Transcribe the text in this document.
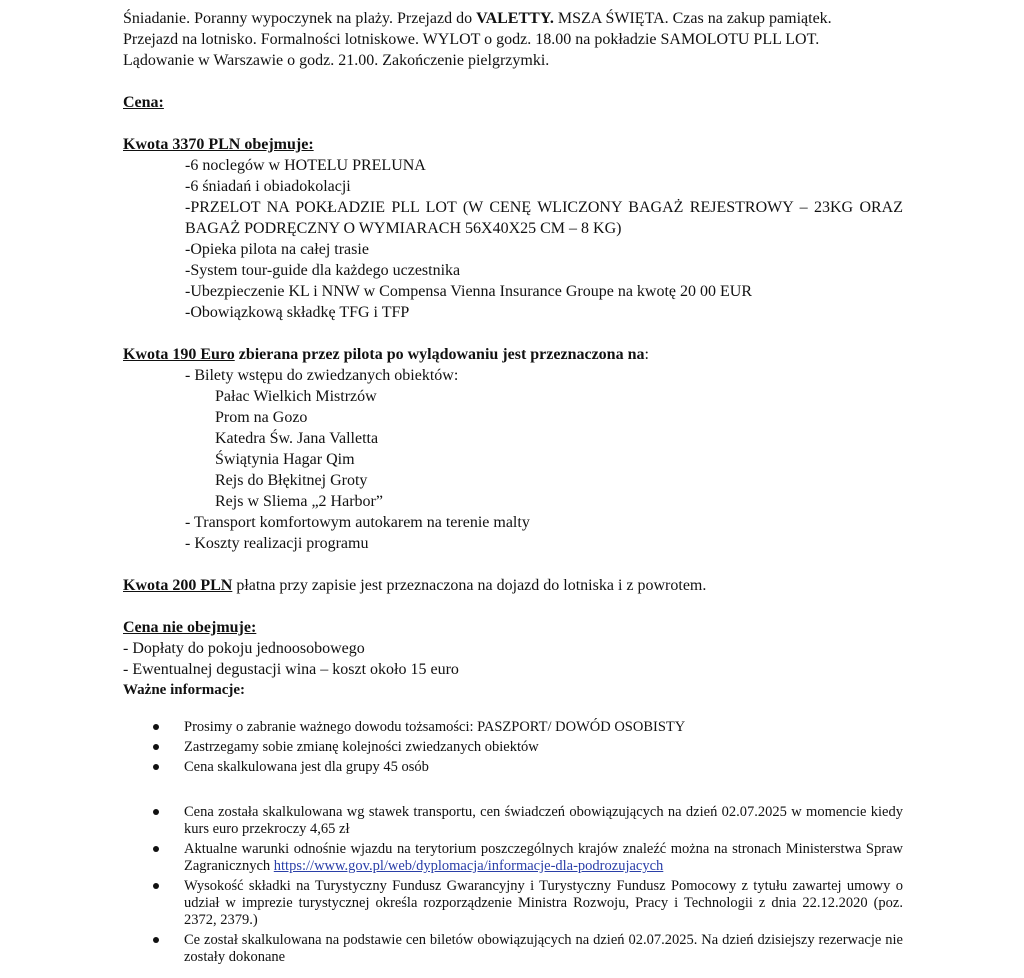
Śniadanie. Poranny wypoczynek na plaży. Przejazd do VALETTY. MSZA ŚWIĘTA. Czas na zakup pamiątek.

Przejazd na lotnisko. Formalności lotniskowe. WYLOT o godz. 18.00 na pokładzie SAMOLOTU PLL LOT.

Lądowanie w Warszawie o godz. 21.00. Zakończenie pielgrzymki.

Cena:

Kwota 3370 PLN obejmuje:

-6 noclegów w HOTELU PRELUNA

-6 śniadań i obiadokolacji

-PRZELOT NA POKŁADZIE PLL LOT (W CENĘ WLICZONY BAGAŻ REJESTROWY – 23KG ORAZ BAGAŻ PODRĘCZNY O WYMIARACH 56X40X25 CM – 8 KG)

-Opieka pilota na całej trasie

-System tour-guide dla każdego uczestnika

-Ubezpieczenie KL i NNW w Compensa Vienna Insurance Groupe na kwotę 20 00 EUR

-Obowiązkową składkę TFG i TFP

Kwota 190 Euro zbierana przez pilota po wylądowaniu jest przeznaczona na:

- Bilety wstępu do zwiedzanych obiektów:

Pałac Wielkich Mistrzów

Prom na Gozo

Katedra Św. Jana Valletta

Świątynia Hagar Qim

Rejs do Błękitnej Groty

Rejs w Sliema „2 Harbor”

- Transport komfortowym autokarem na terenie malty

- Koszty realizacji programu

Kwota 200 PLN płatna przy zapisie jest przeznaczona na dojazd do lotniska i z powrotem.

Cena nie obejmuje:

- Dopłaty do pokoju jednoosobowego

- Ewentualnej degustacji wina – koszt około 15 euro

Ważne informacje:

Prosimy o zabranie ważnego dowodu tożsamości: PASZPORT/ DOWÓD OSOBISTY
Zastrzegamy sobie zmianę kolejności zwiedzanych obiektów
Cena skalkulowana jest dla grupy 45 osób
Cena została skalkulowana wg stawek transportu, cen świadczeń obowiązujących na dzień 02.07.2025 w momencie kiedy kurs euro przekroczy 4,65 zł
Aktualne warunki odnośnie wjazdu na terytorium poszczególnych krajów znaleźć można na stronach Ministerstwa Spraw Zagranicznych https://www.gov.pl/web/dyplomacja/informacje-dla-podrozujacych
Wysokość składki na Turystyczny Fundusz Gwarancyjny i Turystyczny Fundusz Pomocowy z tytułu zawartej umowy o udział w imprezie turystycznej określa rozporządzenie Ministra Rozwoju, Pracy i Technologii z dnia 22.12.2020 (poz. 2372, 2379.)
Ce został skalkulowana na podstawie cen biletów obowiązujących na dzień 02.07.2025. Na dzień dzisiejszy rezerwacje nie zostały dokonane
